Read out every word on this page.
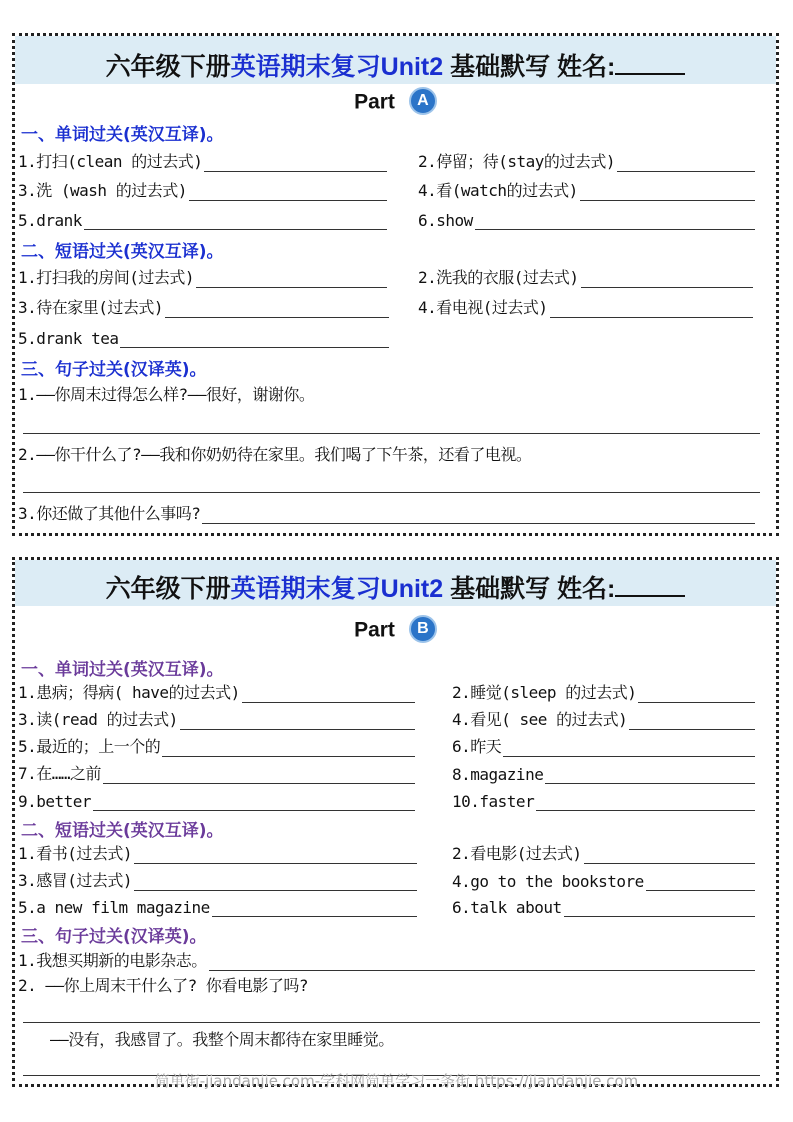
六年级下册英语期末复习Unit2 基础默写 姓名:
Part A
一、单词过关(英汉互译)。
1.打扫(clean 的过去式)	2.停留；待(stay的过去式)
3.洗 (wash 的过去式)	4.看(watch的过去式)
5.drank	6.show
二、短语过关(英汉互译)。
1.打扫我的房间(过去式)	2.洗我的衣服(过去式)
3.待在家里(过去式)	4.看电视(过去式)
5.drank tea
三、句子过关(汉译英)。
1.——你周末过得怎么样?——很好，谢谢你。
2.——你干什么了?——我和你奶奶待在家里。我们喝了下午茶，还看了电视。
3.你还做了其他什么事吗?
六年级下册英语期末复习Unit2 基础默写 姓名:
Part B
一、单词过关(英汉互译)。
1.患病；得病( have的过去式)	2.睡觉(sleep 的过去式)
3.读(read 的过去式)	4.看见( see 的过去式)
5.最近的；上一个的	6.昨天
7.在……之前	8.magazine
9.better	10.faster
二、短语过关(英汉互译)。
1.看书(过去式)	2.看电影(过去式)
3.感冒(过去式)	4.go to the bookstore
5.a new film magazine	6.talk about
三、句子过关(汉译英)。
1.我想买期新的电影杂志。
2. ——你上周末干什么了? 你看电影了吗?
——没有，我感冒了。我整个周末都待在家里睡觉。
简单街-jiandanjie.com-学科网简单学习一条街 https://jiandanjie.com
